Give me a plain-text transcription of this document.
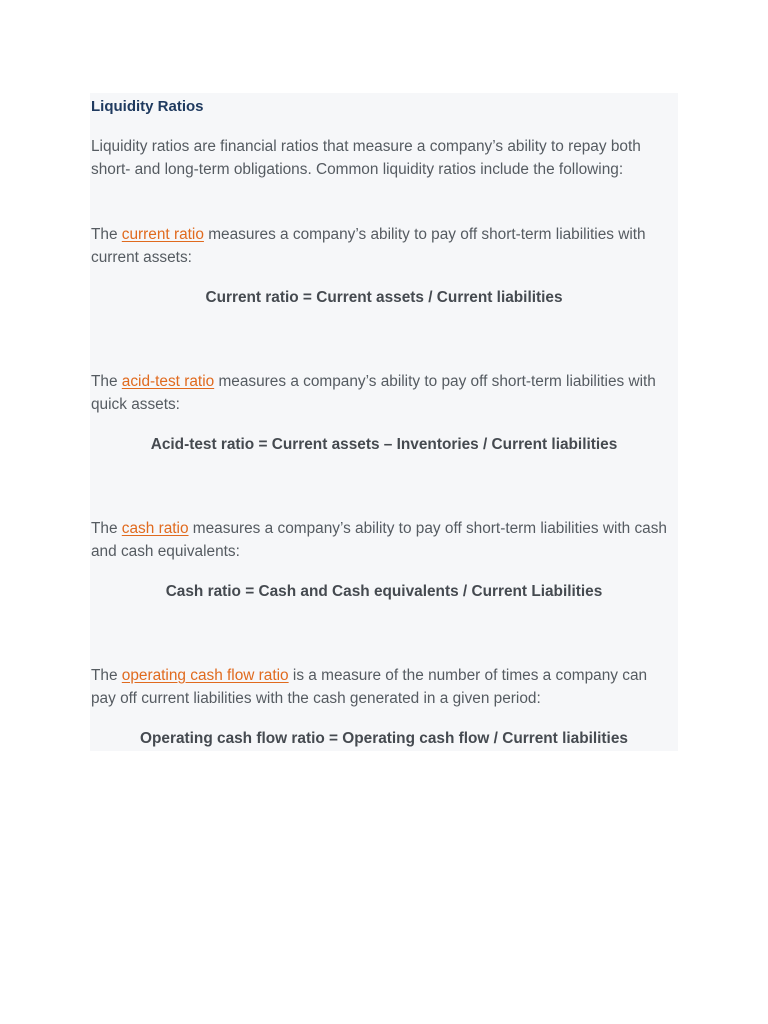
Liquidity Ratios

Liquidity ratios are financial ratios that measure a company’s ability to repay both short- and long-term obligations. Common liquidity ratios include the following:

The current ratio measures a company’s ability to pay off short-term liabilities with current assets:

Current ratio = Current assets / Current liabilities

The acid-test ratio measures a company’s ability to pay off short-term liabilities with quick assets:

Acid-test ratio = Current assets – Inventories / Current liabilities

The cash ratio measures a company’s ability to pay off short-term liabilities with cash and cash equivalents:

Cash ratio = Cash and Cash equivalents / Current Liabilities

The operating cash flow ratio is a measure of the number of times a company can pay off current liabilities with the cash generated in a given period:

Operating cash flow ratio = Operating cash flow / Current liabilities
